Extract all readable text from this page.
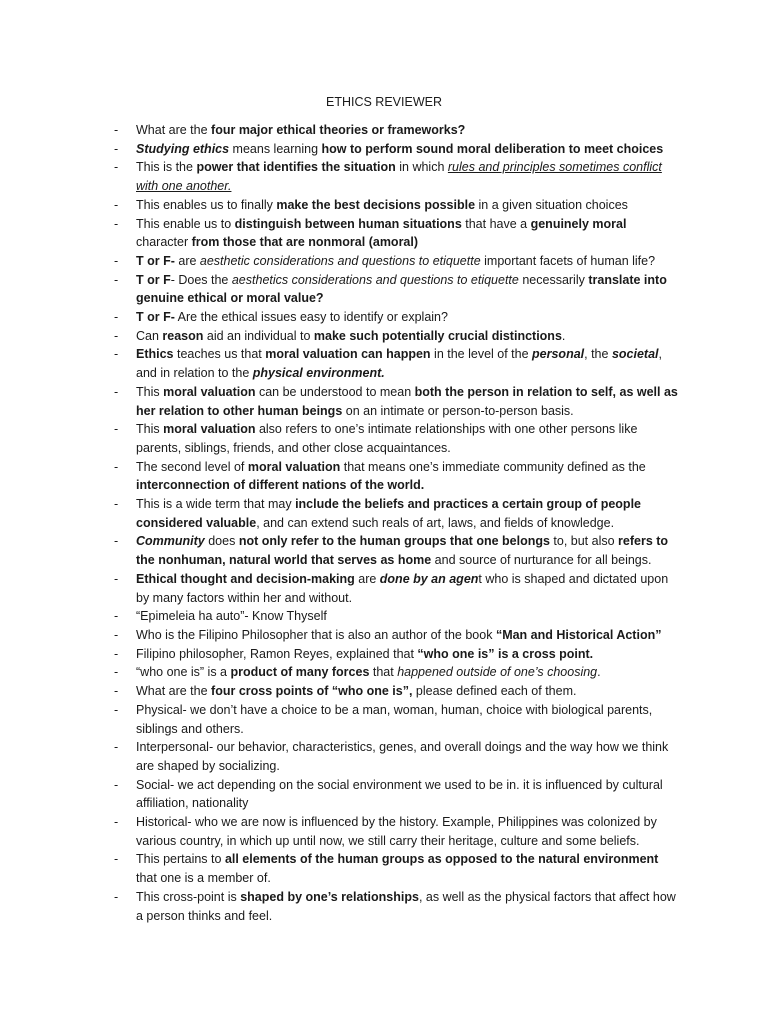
ETHICS REVIEWER
- What are the four major ethical theories or frameworks?
- Studying ethics means learning how to perform sound moral deliberation to meet choices
- This is the power that identifies the situation in which rules and principles sometimes conflict with one another.
- This enables us to finally make the best decisions possible in a given situation choices
- This enable us to distinguish between human situations that have a genuinely moral character from those that are nonmoral (amoral)
- T or F- are aesthetic considerations and questions to etiquette important facets of human life?
- T or F- Does the aesthetics considerations and questions to etiquette necessarily translate into genuine ethical or moral value?
- T or F- Are the ethical issues easy to identify or explain?
- Can reason aid an individual to make such potentially crucial distinctions.
- Ethics teaches us that moral valuation can happen in the level of the personal, the societal, and in relation to the physical environment.
- This moral valuation can be understood to mean both the person in relation to self, as well as her relation to other human beings on an intimate or person-to-person basis.
- This moral valuation also refers to one’s intimate relationships with one other persons like parents, siblings, friends, and other close acquaintances.
- The second level of moral valuation that means one’s immediate community defined as the interconnection of different nations of the world.
- This is a wide term that may include the beliefs and practices a certain group of people considered valuable, and can extend such reals of art, laws, and fields of knowledge.
- Community does not only refer to the human groups that one belongs to, but also refers to the nonhuman, natural world that serves as home and source of nurturance for all beings.
- Ethical thought and decision-making are done by an agent who is shaped and dictated upon by many factors within her and without.
- “Epimeleia ha auto”- Know Thyself
- Who is the Filipino Philosopher that is also an author of the book “Man and Historical Action”
- Filipino philosopher, Ramon Reyes, explained that “who one is” is a cross point.
- “who one is” is a product of many forces that happened outside of one’s choosing.
- What are the four cross points of “who one is”, please defined each of them.
- Physical- we don’t have a choice to be a man, woman, human, choice with biological parents, siblings and others.
- Interpersonal- our behavior, characteristics, genes, and overall doings and the way how we think are shaped by socializing.
- Social- we act depending on the social environment we used to be in. it is influenced by cultural affiliation, nationality
- Historical- who we are now is influenced by the history. Example, Philippines was colonized by various country, in which up until now, we still carry their heritage, culture and some beliefs.
- This pertains to all elements of the human groups as opposed to the natural environment that one is a member of.
- This cross-point is shaped by one’s relationships, as well as the physical factors that affect how a person thinks and feel.
